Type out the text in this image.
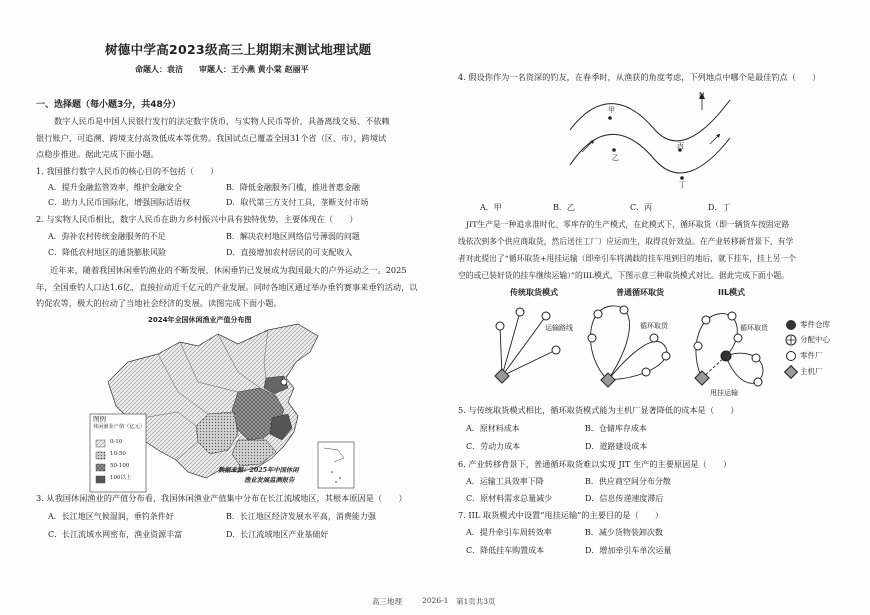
树德中学高2023级高三上期期末测试地理试题
命题人：袁洁　　审题人：王小燕 黄小棠 赵丽平
一、选择题（每小题3分，共48分）
数字人民币是中国人民银行发行的法定数字货币，与实物人民币等价，具备离线交易、不依赖
银行账户、可追溯、跨境支付高效低成本等优势。我国试点已覆盖全国31个省（区、市），跨境试
点稳步推进。据此完成下面小题。
1. 我国推行数字人民币的核心目的不包括（　　）
A．提升金融监管效率，维护金融安全	B．降低金融服务门槛，推进普惠金融
C．助力人民币国际化，增强国际话语权	D．取代第三方支付工具，垄断支付市场
2. 与实物人民币相比，数字人民币在助力乡村振兴中具有独特优势，主要体现在（　　）
A．弥补农村传统金融服务的不足	B．解决农村地区网络信号薄弱的问题
C．降低农村地区的通货膨胀风险	D．直接增加农村居民的可支配收入
近年来，随着我国休闲垂钓渔业的不断发展，休闲垂钓已发展成为我国最大的户外运动之一。2025
年，全国垂钓人口达1.6亿，直接拉动近千亿元的产业发展。同时各地区通过举办垂钓赛事来垂钓活动，以
钓促农等，极大的拉动了当地社会经济的发展。读图完成下面小题。
2024年全国休闲渔业产值分布图
图例
休闲渔业产值（亿元）
0-10
10-50
50-100
100以上
数据来源：2025年中国休闲
渔业发展监测报告
3. 从我国休闲渔业的产值分布看，我国休闲渔业产值集中分布在长江流域地区，其根本原因是（　　）
A．长江地区气候湿润，垂钓条件好	B．长江地区经济发展水平高，消费能力强
C．长江流域水网密布，渔业资源丰富	D．长江流域地区产业基础好
4. 假设你作为一名资深的钓友，在春季时，从渔获的角度考虑，下列地点中哪个是最佳钓点（　　）
甲
乙
丙
丁
N
A．甲	B．乙	C．丙	D．丁
JIT生产是一种追求准时化、零库存的生产模式，在此模式下，循环取货（即一辆货车按固定路
线依次到多个供应商取货，然后送往工厂）应运而生，取得良好效益。在产业转移新背景下，有学
者对此提出了“循环取货+甩挂运输（即牵引车将满载的挂车甩到目的地后，就下挂车，挂上另一个
空的或已装好货的挂车继续运输）”的IIL模式，下图示意三种取货模式对比。据此完成下面小题。
传统取货模式	普通循环取货	IIL模式
运输路线	循环取货	循环取货
甩挂运输
零件仓库
分配中心
零件厂
主机厂
5. 与传统取货模式相比，循环取货模式能为主机厂显著降低的成本是（　　）
A．原材料成本	B．仓储库存成本
C．劳动力成本	D．道路建设成本
6. 产业转移背景下，普通循环取货难以实现 JIT 生产的主要原因是（　　）
A．运输工具效率下降	B．供应商空间分布分散
C．原材料需求总量减少	D．信息传递速度滞后
7. IIL 取货模式中设置“甩挂运输”的主要目的是（　　）
A．提升牵引车周转效率	B．减少货物装卸次数
C．降低挂车购置成本	D．增加牵引车单次运量
高三地理	2026-1 第1页共3页
